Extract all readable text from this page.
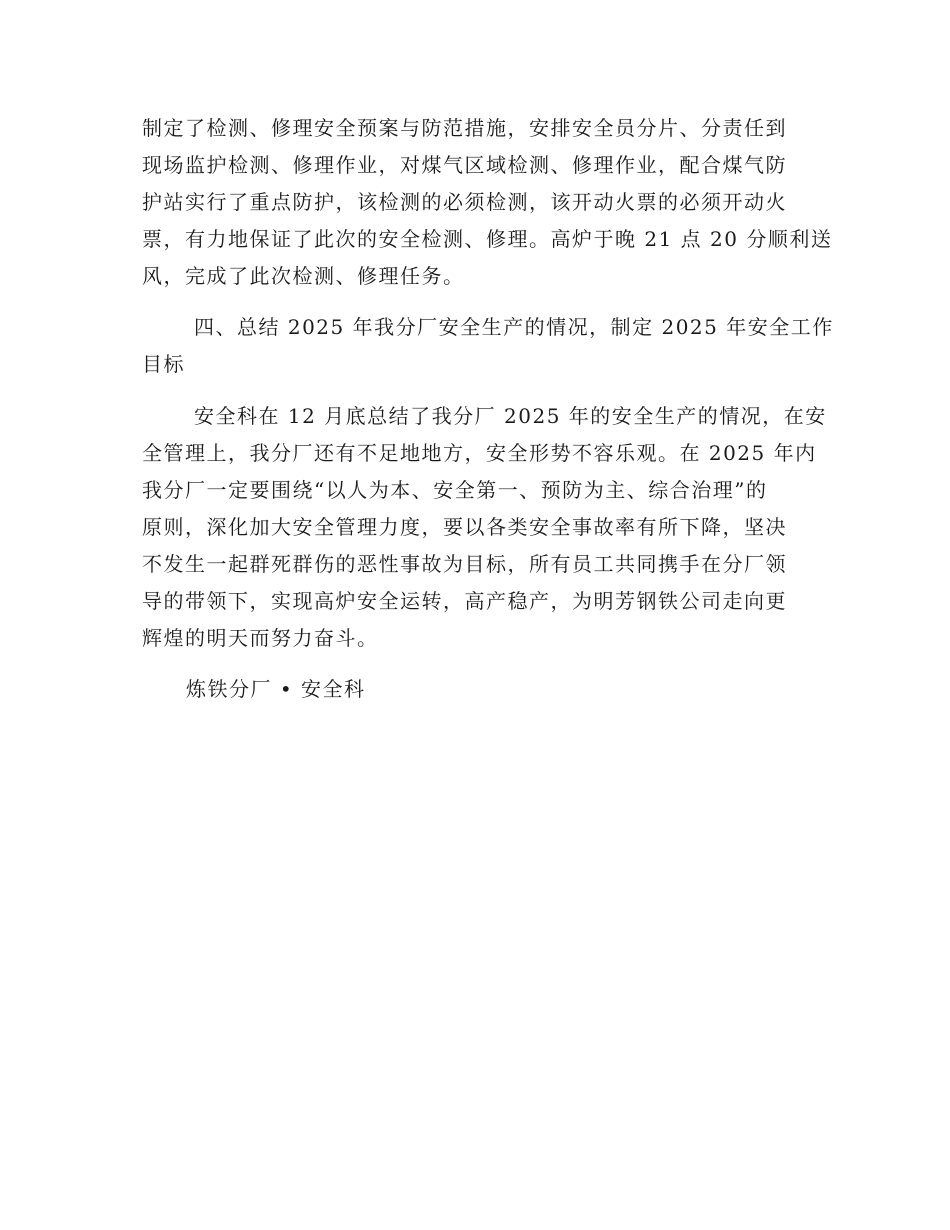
制定了检测、修理安全预案与防范措施，安排安全员分片、分责任到
现场监护检测、修理作业，对煤气区域检测、修理作业，配合煤气防
护站实行了重点防护，该检测的必须检测，该开动火票的必须开动火
票，有力地保证了此次的安全检测、修理。高炉于晚 21 点 20 分顺利送
风，完成了此次检测、修理任务。

四、总结 2025 年我分厂安全生产的情况，制定 2025 年安全工作
目标

安全科在 12 月底总结了我分厂 2025 年的安全生产的情况，在安
全管理上，我分厂还有不足地地方，安全形势不容乐观。在 2025 年内
我分厂一定要围绕“以人为本、安全第一、预防为主、综合治理”的
原则，深化加大安全管理力度，要以各类安全事故率有所下降，坚决
不发生一起群死群伤的恶性事故为目标，所有员工共同携手在分厂领
导的带领下，实现高炉安全运转，高产稳产，为明芳钢铁公司走向更
辉煌的明天而努力奋斗。

炼铁分厂 • 安全科
